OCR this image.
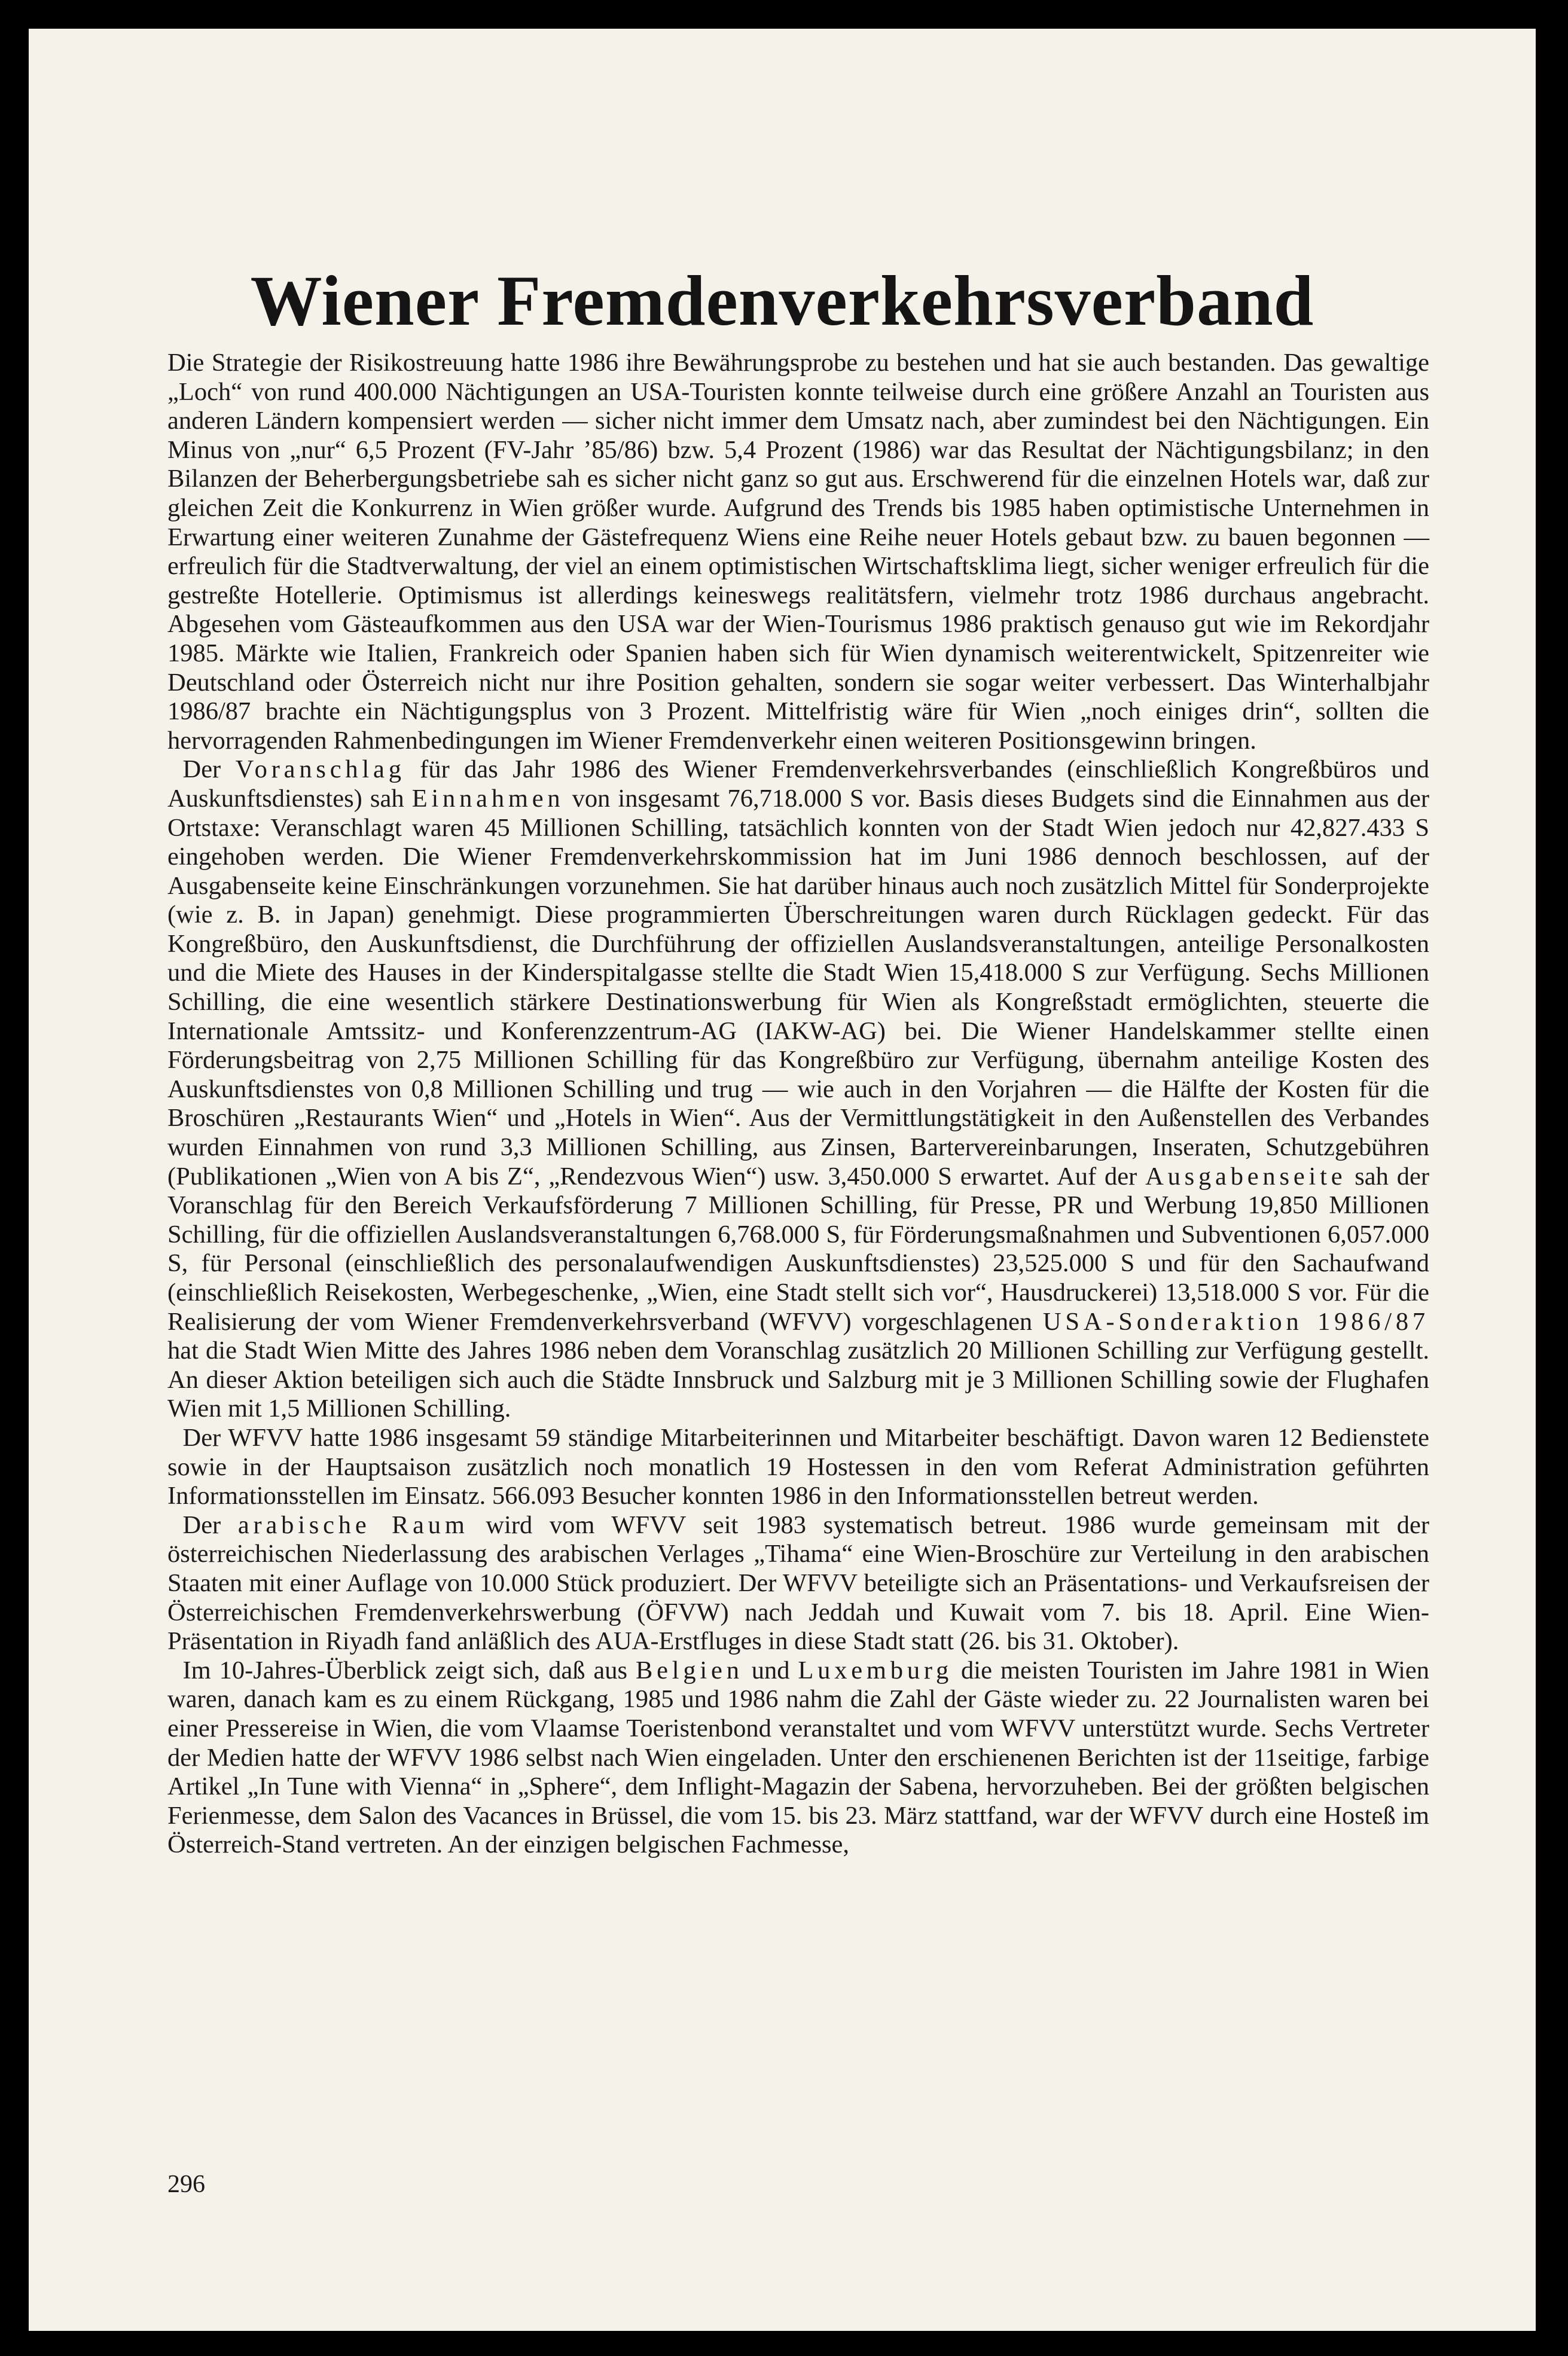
Wiener Fremdenverkehrsverband

Die Strategie der Risikostreuung hatte 1986 ihre Bewährungsprobe zu bestehen und hat sie auch bestanden. Das gewaltige „Loch“ von rund 400.000 Nächtigungen an USA-Touristen konnte teilweise durch eine größere Anzahl an Touristen aus anderen Ländern kompensiert werden — sicher nicht immer dem Umsatz nach, aber zumindest bei den Nächtigungen. Ein Minus von „nur“ 6,5 Prozent (FV-Jahr ’85/86) bzw. 5,4 Prozent (1986) war das Resultat der Nächtigungsbilanz; in den Bilanzen der Beherbergungsbetriebe sah es sicher nicht ganz so gut aus. Erschwerend für die einzelnen Hotels war, daß zur gleichen Zeit die Konkurrenz in Wien größer wurde. Aufgrund des Trends bis 1985 haben optimistische Unternehmen in Erwartung einer weiteren Zunahme der Gästefrequenz Wiens eine Reihe neuer Hotels gebaut bzw. zu bauen begonnen — erfreulich für die Stadtverwaltung, der viel an einem optimistischen Wirtschaftsklima liegt, sicher weniger erfreulich für die gestreßte Hotellerie. Optimismus ist allerdings keineswegs realitätsfern, vielmehr trotz 1986 durchaus angebracht. Abgesehen vom Gästeaufkommen aus den USA war der Wien-Tourismus 1986 praktisch genauso gut wie im Rekordjahr 1985. Märkte wie Italien, Frankreich oder Spanien haben sich für Wien dynamisch weiterentwickelt, Spitzenreiter wie Deutschland oder Österreich nicht nur ihre Position gehalten, sondern sie sogar weiter verbessert. Das Winterhalbjahr 1986/87 brachte ein Nächtigungsplus von 3 Prozent. Mittelfristig wäre für Wien „noch einiges drin“, sollten die hervorragenden Rahmenbedingungen im Wiener Fremdenverkehr einen weiteren Positionsgewinn bringen.

Der Voranschlag für das Jahr 1986 des Wiener Fremdenverkehrsverbandes (einschließlich Kongreßbüros und Auskunftsdienstes) sah Einnahmen von insgesamt 76,718.000 S vor. Basis dieses Budgets sind die Einnahmen aus der Ortstaxe: Veranschlagt waren 45 Millionen Schilling, tatsächlich konnten von der Stadt Wien jedoch nur 42,827.433 S eingehoben werden. Die Wiener Fremdenverkehrskommission hat im Juni 1986 dennoch beschlossen, auf der Ausgabenseite keine Einschränkungen vorzunehmen. Sie hat darüber hinaus auch noch zusätzlich Mittel für Sonderprojekte (wie z. B. in Japan) genehmigt. Diese programmierten Überschreitungen waren durch Rücklagen gedeckt. Für das Kongreßbüro, den Auskunftsdienst, die Durchführung der offiziellen Auslandsveranstaltungen, anteilige Personalkosten und die Miete des Hauses in der Kinderspitalgasse stellte die Stadt Wien 15,418.000 S zur Verfügung. Sechs Millionen Schilling, die eine wesentlich stärkere Destinationswerbung für Wien als Kongreßstadt ermöglichten, steuerte die Internationale Amtssitz- und Konferenzzentrum-AG (IAKW-AG) bei. Die Wiener Handelskammer stellte einen Förderungsbeitrag von 2,75 Millionen Schilling für das Kongreßbüro zur Verfügung, übernahm anteilige Kosten des Auskunftsdienstes von 0,8 Millionen Schilling und trug — wie auch in den Vorjahren — die Hälfte der Kosten für die Broschüren „Restaurants Wien“ und „Hotels in Wien“. Aus der Vermittlungstätigkeit in den Außenstellen des Verbandes wurden Einnahmen von rund 3,3 Millionen Schilling, aus Zinsen, Bartervereinbarungen, Inseraten, Schutzgebühren (Publikationen „Wien von A bis Z“, „Rendezvous Wien“) usw. 3,450.000 S erwartet. Auf der Ausgabenseite sah der Voranschlag für den Bereich Verkaufsförderung 7 Millionen Schilling, für Presse, PR und Werbung 19,850 Millionen Schilling, für die offiziellen Auslandsveranstaltungen 6,768.000 S, für Förderungsmaßnahmen und Subventionen 6,057.000 S, für Personal (einschließlich des personalaufwendigen Auskunftsdienstes) 23,525.000 S und für den Sachaufwand (einschließlich Reisekosten, Werbegeschenke, „Wien, eine Stadt stellt sich vor“, Hausdruckerei) 13,518.000 S vor. Für die Realisierung der vom Wiener Fremdenverkehrsverband (WFVV) vorgeschlagenen USA-Sonderaktion 1986/87 hat die Stadt Wien Mitte des Jahres 1986 neben dem Voranschlag zusätzlich 20 Millionen Schilling zur Verfügung gestellt. An dieser Aktion beteiligen sich auch die Städte Innsbruck und Salzburg mit je 3 Millionen Schilling sowie der Flughafen Wien mit 1,5 Millionen Schilling.

Der WFVV hatte 1986 insgesamt 59 ständige Mitarbeiterinnen und Mitarbeiter beschäftigt. Davon waren 12 Bedienstete sowie in der Hauptsaison zusätzlich noch monatlich 19 Hostessen in den vom Referat Administration geführten Informationsstellen im Einsatz. 566.093 Besucher konnten 1986 in den Informationsstellen betreut werden.

Der arabische Raum wird vom WFVV seit 1983 systematisch betreut. 1986 wurde gemeinsam mit der österreichischen Niederlassung des arabischen Verlages „Tihama“ eine Wien-Broschüre zur Verteilung in den arabischen Staaten mit einer Auflage von 10.000 Stück produziert. Der WFVV beteiligte sich an Präsentations- und Verkaufsreisen der Österreichischen Fremdenverkehrswerbung (ÖFVW) nach Jeddah und Kuwait vom 7. bis 18. April. Eine Wien-Präsentation in Riyadh fand anläßlich des AUA-Erstfluges in diese Stadt statt (26. bis 31. Oktober).

Im 10-Jahres-Überblick zeigt sich, daß aus Belgien und Luxemburg die meisten Touristen im Jahre 1981 in Wien waren, danach kam es zu einem Rückgang, 1985 und 1986 nahm die Zahl der Gäste wieder zu. 22 Journalisten waren bei einer Pressereise in Wien, die vom Vlaamse Toeristenbond veranstaltet und vom WFVV unterstützt wurde. Sechs Vertreter der Medien hatte der WFVV 1986 selbst nach Wien eingeladen. Unter den erschienenen Berichten ist der 11seitige, farbige Artikel „In Tune with Vienna“ in „Sphere“, dem Inflight-Magazin der Sabena, hervorzuheben. Bei der größten belgischen Ferienmesse, dem Salon des Vacances in Brüssel, die vom 15. bis 23. März stattfand, war der WFVV durch eine Hosteß im Österreich-Stand vertreten. An der einzigen belgischen Fachmesse,

296
